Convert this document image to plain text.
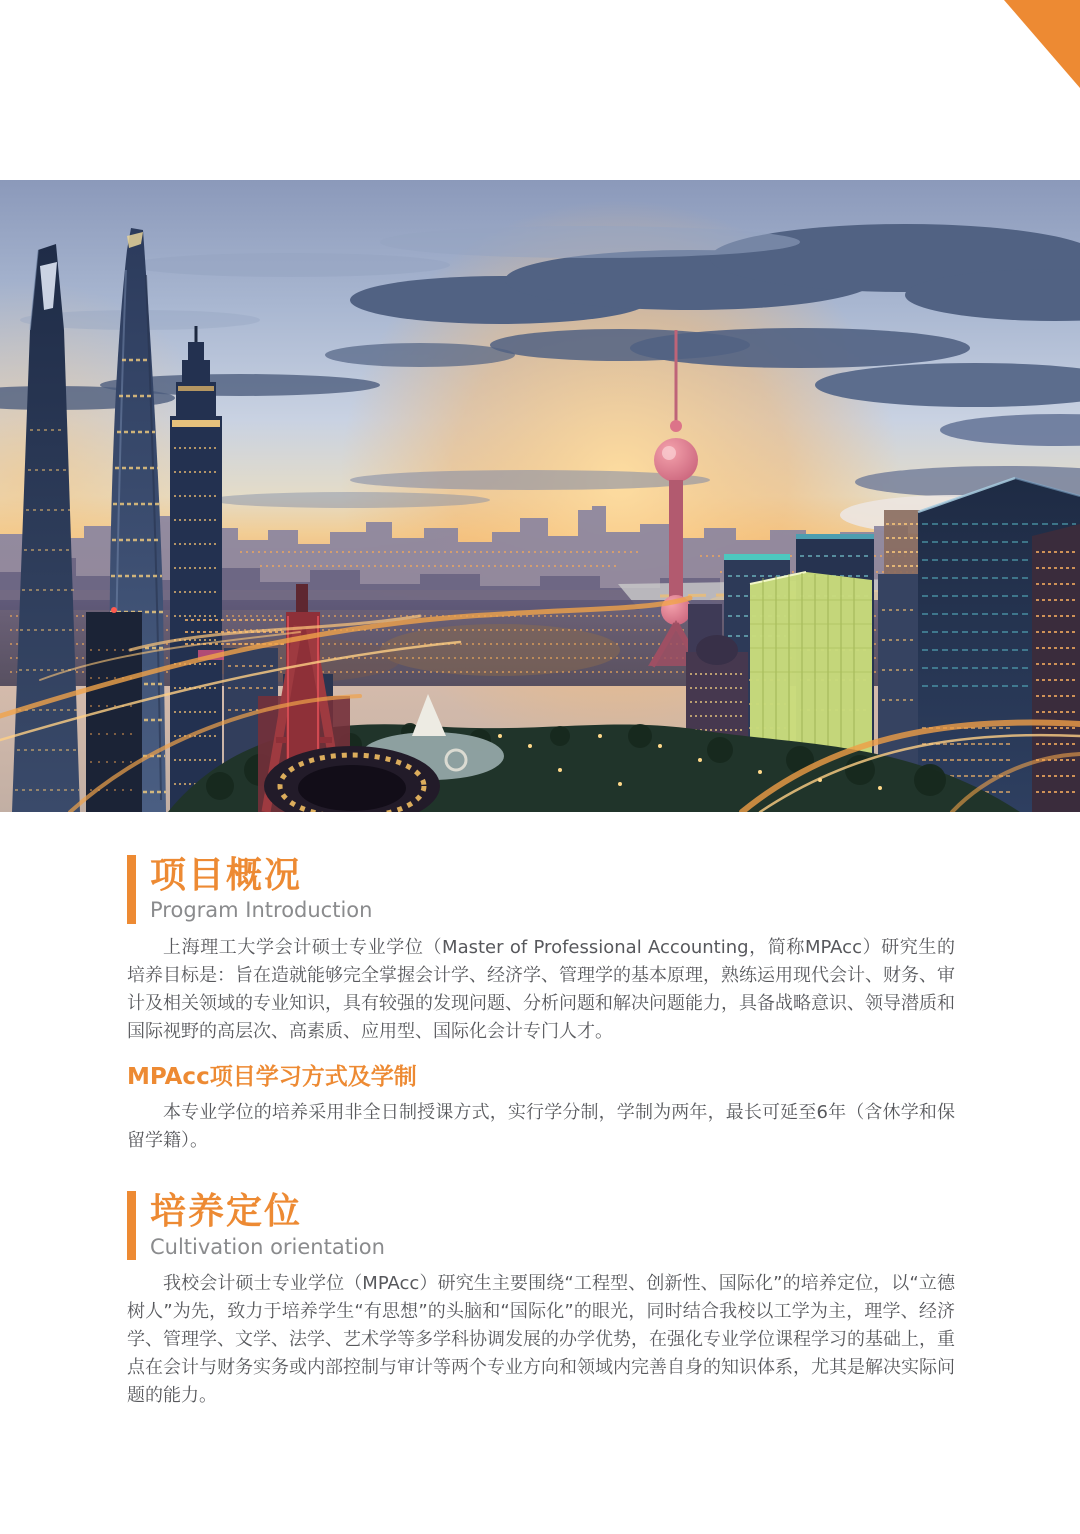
项目概况
Program Introduction

上海理工大学会计硕士专业学位（Master of Professional Accounting，简称MPAcc）研究生的培养目标是：旨在造就能够完全掌握会计学、经济学、管理学的基本原理，熟练运用现代会计、财务、审计及相关领域的专业知识，具有较强的发现问题、分析问题和解决问题能力，具备战略意识、领导潜质和国际视野的高层次、高素质、应用型、国际化会计专门人才。

MPAcc项目学习方式及学制

本专业学位的培养采用非全日制授课方式，实行学分制，学制为两年，最长可延至6年（含休学和保留学籍）。

培养定位
Cultivation orientation

我校会计硕士专业学位（MPAcc）研究生主要围绕“工程型、创新性、国际化”的培养定位，以“立德树人”为先，致力于培养学生“有思想”的头脑和“国际化”的眼光，同时结合我校以工学为主，理学、经济学、管理学、文学、法学、艺术学等多学科协调发展的办学优势，在强化专业学位课程学习的基础上，重点在会计与财务实务或内部控制与审计等两个专业方向和领域内完善自身的知识体系，尤其是解决实际问题的能力。
